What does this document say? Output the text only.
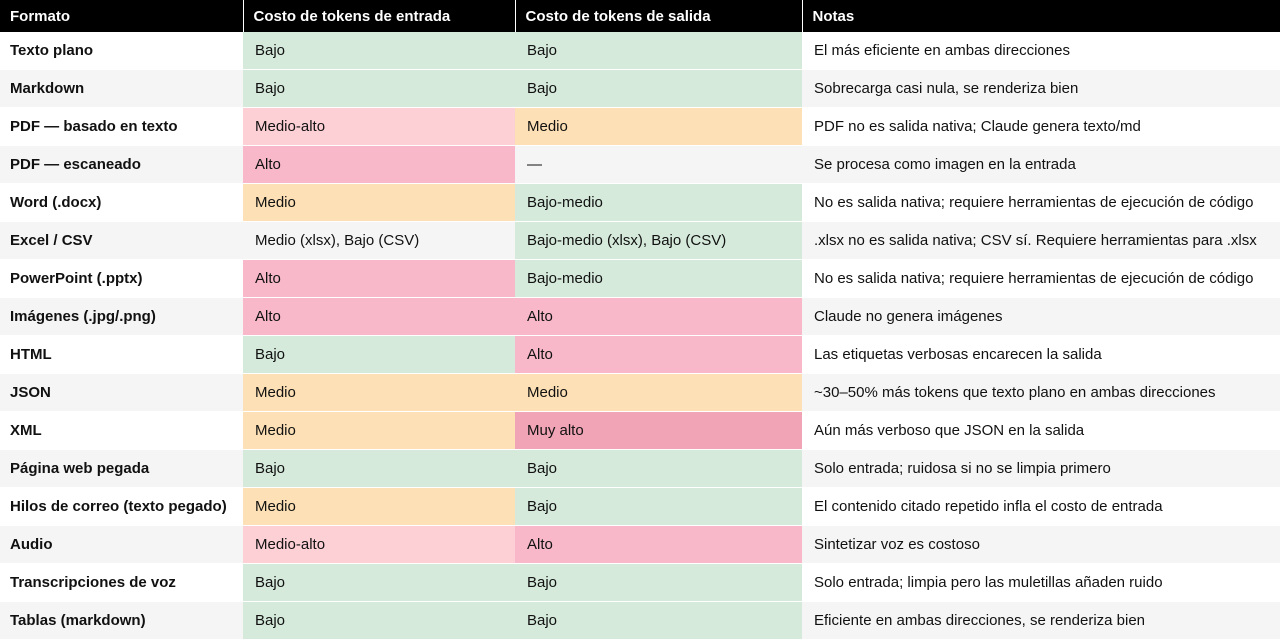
Formato	Costo de tokens de entrada	Costo de tokens de salida	Notas
Texto plano	Bajo	Bajo	El más eficiente en ambas direcciones
Markdown	Bajo	Bajo	Sobrecarga casi nula, se renderiza bien
PDF — basado en texto	Medio-alto	Medio	PDF no es salida nativa; Claude genera texto/md
PDF — escaneado	Alto	—	Se procesa como imagen en la entrada
Word (.docx)	Medio	Bajo-medio	No es salida nativa; requiere herramientas de ejecución de código
Excel / CSV	Medio (xlsx), Bajo (CSV)	Bajo-medio (xlsx), Bajo (CSV)	.xlsx no es salida nativa; CSV sí. Requiere herramientas para .xlsx
PowerPoint (.pptx)	Alto	Bajo-medio	No es salida nativa; requiere herramientas de ejecución de código
Imágenes (.jpg/.png)	Alto	Alto	Claude no genera imágenes
HTML	Bajo	Alto	Las etiquetas verbosas encarecen la salida
JSON	Medio	Medio	~30–50% más tokens que texto plano en ambas direcciones
XML	Medio	Muy alto	Aún más verboso que JSON en la salida
Página web pegada	Bajo	Bajo	Solo entrada; ruidosa si no se limpia primero
Hilos de correo (texto pegado)	Medio	Bajo	El contenido citado repetido infla el costo de entrada
Audio	Medio-alto	Alto	Sintetizar voz es costoso
Transcripciones de voz	Bajo	Bajo	Solo entrada; limpia pero las muletillas añaden ruido
Tablas (markdown)	Bajo	Bajo	Eficiente en ambas direcciones, se renderiza bien
